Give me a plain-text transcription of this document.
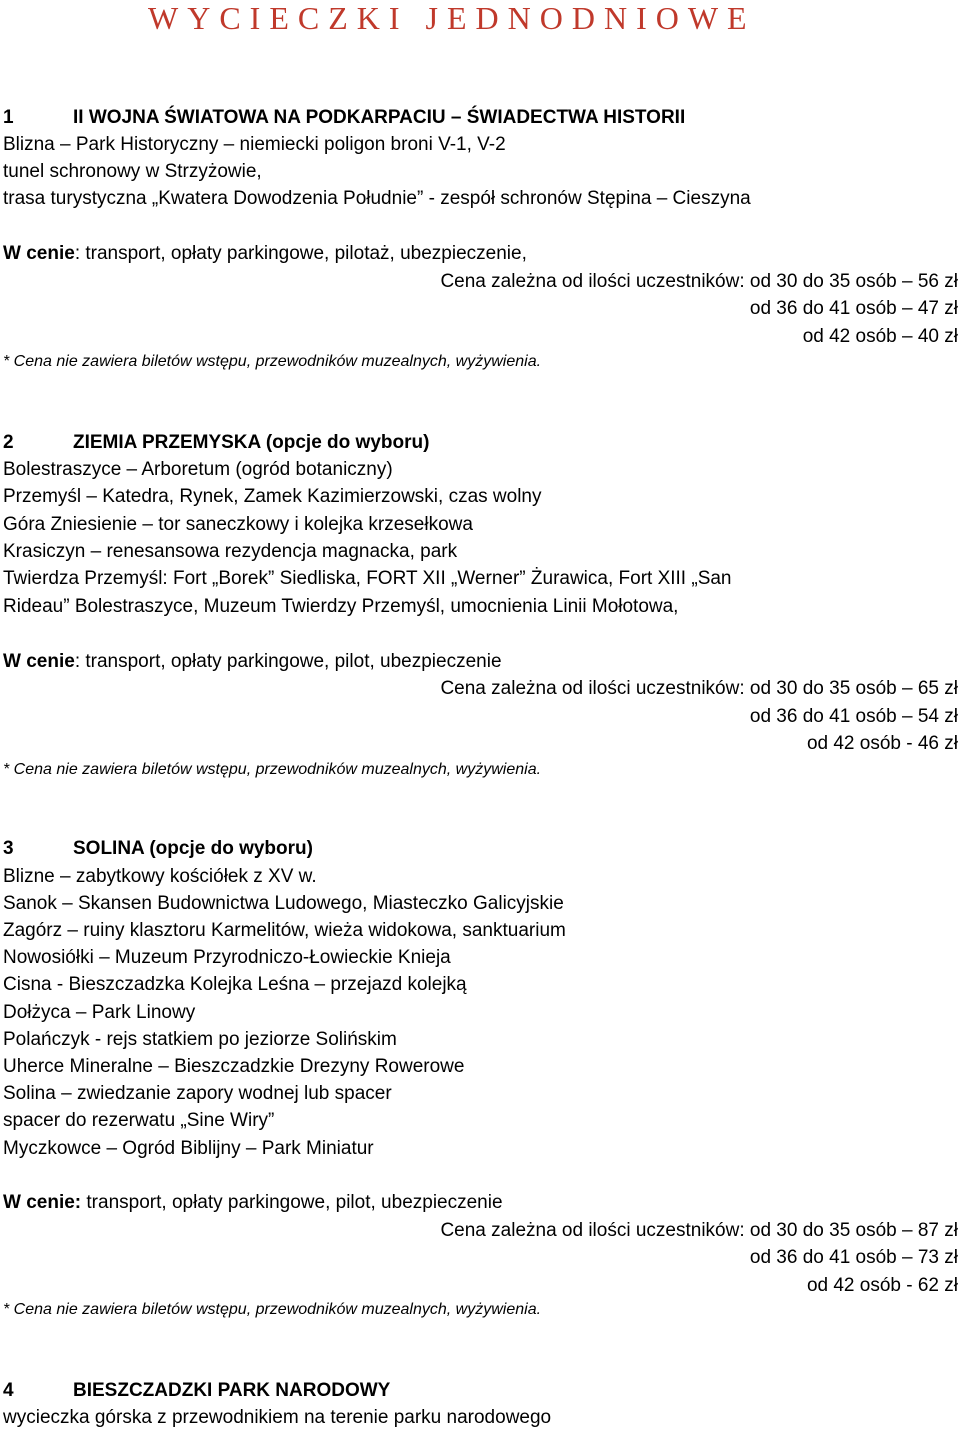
WYCIECZKI JEDNODNIOWE
1	II WOJNA ŚWIATOWA NA PODKARPACIU – ŚWIADECTWA HISTORII
Blizna – Park Historyczny – niemiecki poligon broni V-1, V-2
tunel schronowy w Strzyżowie,
trasa turystyczna „Kwatera Dowodzenia Południe” - zespół schronów Stępina – Cieszyna
W cenie: transport, opłaty parkingowe, pilotaż, ubezpieczenie,
Cena zależna od ilości uczestników: od 30 do 35 osób – 56 zł
od 36 do 41 osób – 47 zł
od 42 osób – 40 zł
* Cena nie zawiera biletów wstępu, przewodników muzealnych, wyżywienia.
2	ZIEMIA PRZEMYSKA (opcje do wyboru)
Bolestraszyce – Arboretum (ogród botaniczny)
Przemyśl – Katedra, Rynek, Zamek Kazimierzowski, czas wolny
Góra Zniesienie – tor saneczkowy i kolejka krzesełkowa
Krasiczyn – renesansowa rezydencja magnacka, park
Twierdza Przemyśl: Fort „Borek” Siedliska, FORT XII „Werner” Żurawica, Fort XIII „San
Rideau” Bolestraszyce, Muzeum Twierdzy Przemyśl, umocnienia Linii Mołotowa,
W cenie: transport, opłaty parkingowe, pilot, ubezpieczenie
Cena zależna od ilości uczestników: od 30 do 35 osób – 65 zł
od 36 do 41 osób – 54 zł
od 42 osób - 46 zł
* Cena nie zawiera biletów wstępu, przewodników muzealnych, wyżywienia.
3	SOLINA (opcje do wyboru)
Blizne – zabytkowy kościółek z XV w.
Sanok – Skansen Budownictwa Ludowego, Miasteczko Galicyjskie
Zagórz – ruiny klasztoru Karmelitów, wieża widokowa, sanktuarium
Nowosiółki – Muzeum Przyrodniczo-Łowieckie Knieja
Cisna - Bieszczadzka Kolejka Leśna – przejazd kolejką
Dołżyca – Park Linowy
Polańczyk - rejs statkiem po jeziorze Solińskim
Uherce Mineralne – Bieszczadzkie Drezyny Rowerowe
Solina – zwiedzanie zapory wodnej lub spacer
spacer do rezerwatu „Sine Wiry”
Myczkowce – Ogród Biblijny – Park Miniatur
W cenie: transport, opłaty parkingowe, pilot, ubezpieczenie
Cena zależna od ilości uczestników: od 30 do 35 osób – 87 zł
od 36 do 41 osób – 73 zł
od 42 osób - 62 zł
* Cena nie zawiera biletów wstępu, przewodników muzealnych, wyżywienia.
4	BIESZCZADZKI PARK NARODOWY
wycieczka górska z przewodnikiem na terenie parku narodowego
